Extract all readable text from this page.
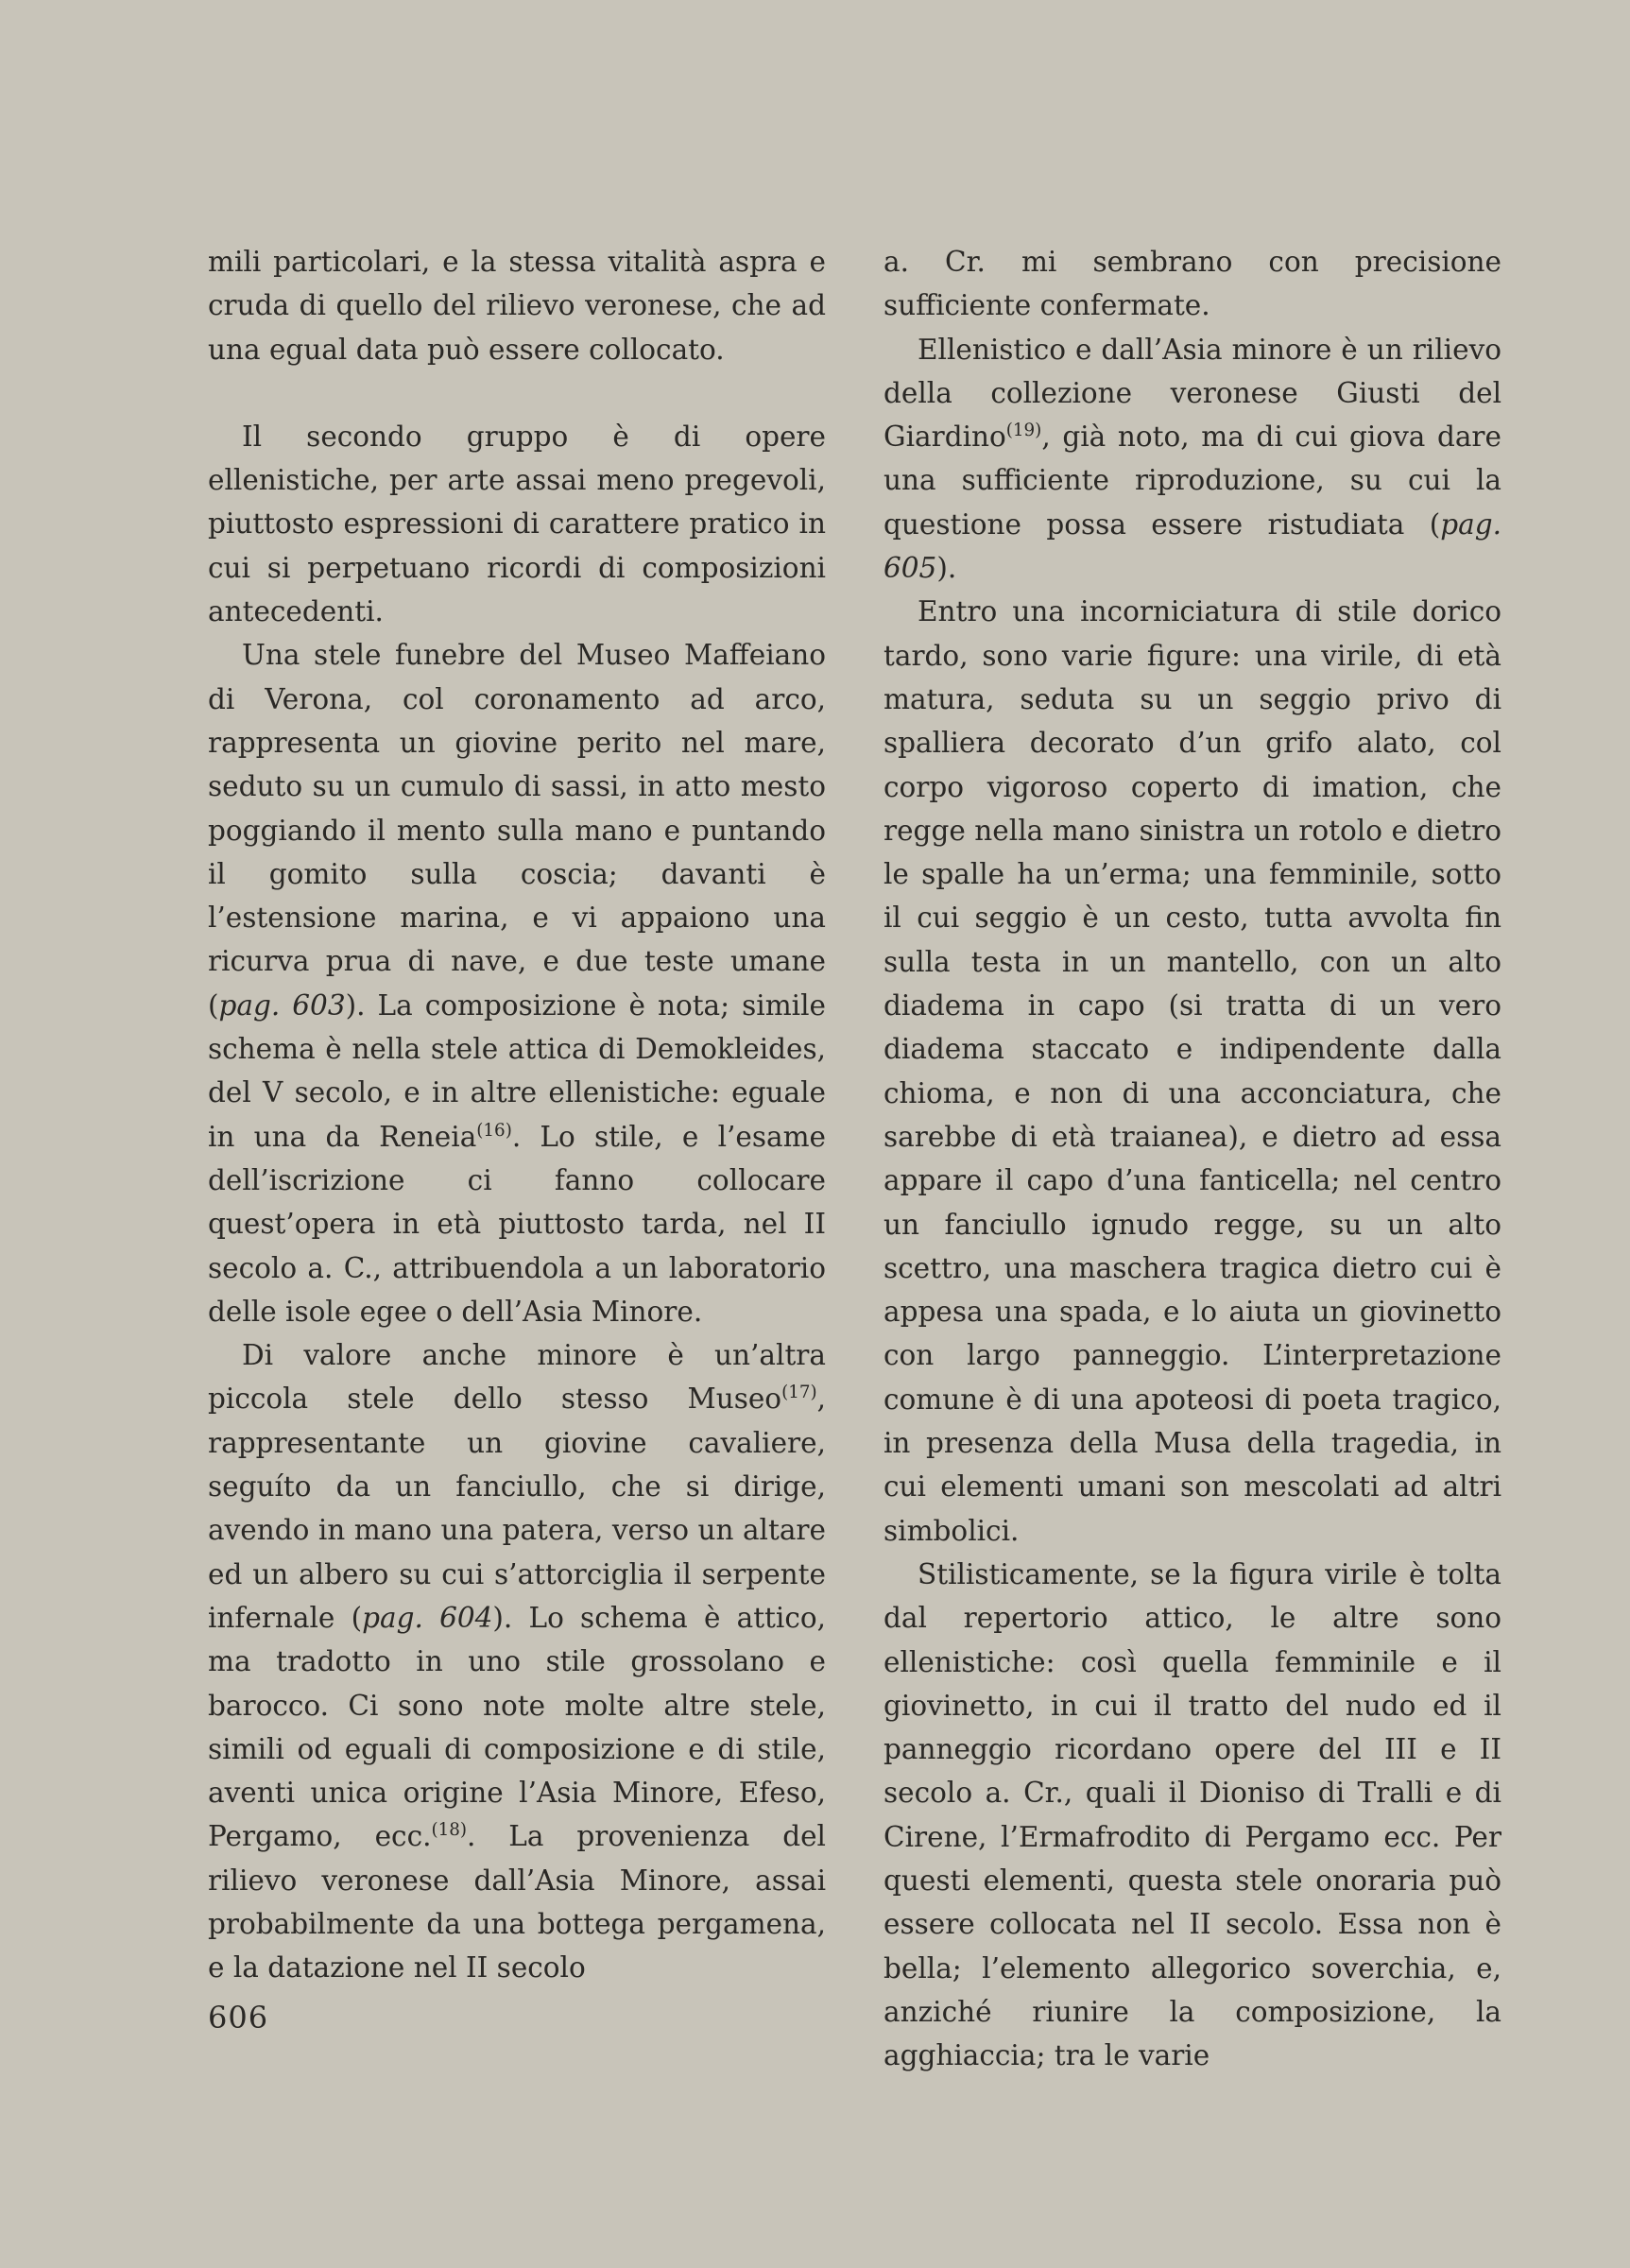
mili particolari, e la stessa vitalità aspra e cruda di quello del rilievo veronese, che ad una egual data può essere collocato.

Il secondo gruppo è di opere ellenistiche, per arte assai meno pregevoli, piuttosto espressioni di carattere pratico in cui si perpetuano ricordi di composizioni antecedenti.

Una stele funebre del Museo Maffeiano di Verona, col coronamento ad arco, rappresenta un giovine perito nel mare, seduto su un cumulo di sassi, in atto mesto poggiando il mento sulla mano e puntando il gomito sulla coscia; davanti è l’estensione marina, e vi appaiono una ricurva prua di nave, e due teste umane (pag. 603). La composizione è nota; simile schema è nella stele attica di Demokleides, del V secolo, e in altre ellenistiche: eguale in una da Reneia$^{(16)}$. Lo stile, e l’esame dell’iscrizione ci fanno collocare quest’opera in età piuttosto tarda, nel II secolo a. C., attribuendola a un laboratorio delle isole egee o dell’Asia Minore.

Di valore anche minore è un’altra piccola stele dello stesso Museo$^{(17)}$, rappresentante un giovine cavaliere, seguíto da un fanciullo, che si dirige, avendo in mano una patera, verso un altare ed un albero su cui s’attorciglia il serpente infernale (pag. 604). Lo schema è attico, ma tradotto in uno stile grossolano e barocco. Ci sono note molte altre stele, simili od eguali di composizione e di stile, aventi unica origine l’Asia Minore, Efeso, Pergamo, ecc.$^{(18)}$. La provenienza del rilievo veronese dall’Asia Minore, assai probabilmente da una bottega pergamena, e la datazione nel II secolo

a. Cr. mi sembrano con precisione sufficiente confermate.

Ellenistico e dall’Asia minore è un rilievo della collezione veronese Giusti del Giardino$^{(19)}$, già noto, ma di cui giova dare una sufficiente riproduzione, su cui la questione possa essere ristudiata (pag. 605).

Entro una incorniciatura di stile dorico tardo, sono varie figure: una virile, di età matura, seduta su un seggio privo di spalliera decorato d’un grifo alato, col corpo vigoroso coperto di imation, che regge nella mano sinistra un rotolo e dietro le spalle ha un’erma; una femminile, sotto il cui seggio è un cesto, tutta avvolta fin sulla testa in un mantello, con un alto diadema in capo (si tratta di un vero diadema staccato e indipendente dalla chioma, e non di una acconciatura, che sarebbe di età traianea), e dietro ad essa appare il capo d’una fanticella; nel centro un fanciullo ignudo regge, su un alto scettro, una maschera tragica dietro cui è appesa una spada, e lo aiuta un giovinetto con largo panneggio. L’interpretazione comune è di una apoteosi di poeta tragico, in presenza della Musa della tragedia, in cui elementi umani son mescolati ad altri simbolici.

Stilisticamente, se la figura virile è tolta dal repertorio attico, le altre sono ellenistiche: così quella femminile e il giovinetto, in cui il tratto del nudo ed il panneggio ricordano opere del III e II secolo a. Cr., quali il Dioniso di Tralli e di Cirene, l’Ermafrodito di Pergamo ecc. Per questi elementi, questa stele onoraria può essere collocata nel II secolo. Essa non è bella; l’elemento allegorico soverchia, e, anziché riunire la composizione, la agghiaccia; tra le varie

606
